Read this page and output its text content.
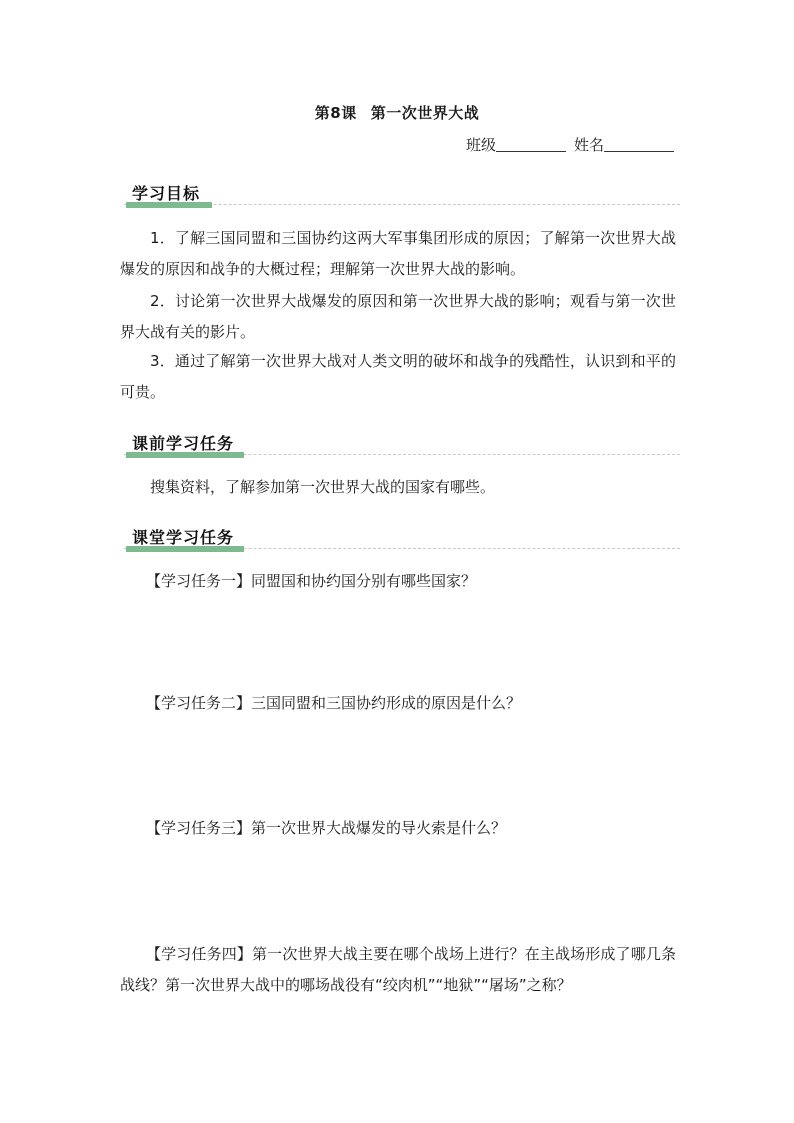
第8课 第一次世界大战
班级	姓名
学习目标
1．了解三国同盟和三国协约这两大军事集团形成的原因；了解第一次世界大战爆发的原因和战争的大概过程；理解第一次世界大战的影响。
2．讨论第一次世界大战爆发的原因和第一次世界大战的影响；观看与第一次世界大战有关的影片。
3．通过了解第一次世界大战对人类文明的破坏和战争的残酷性，认识到和平的可贵。
课前学习任务
搜集资料，了解参加第一次世界大战的国家有哪些。
课堂学习任务
【学习任务一】同盟国和协约国分别有哪些国家？
【学习任务二】三国同盟和三国协约形成的原因是什么？
【学习任务三】第一次世界大战爆发的导火索是什么？
【学习任务四】第一次世界大战主要在哪个战场上进行？在主战场形成了哪几条战线？第一次世界大战中的哪场战役有“绞肉机”“地狱”“屠场”之称？
